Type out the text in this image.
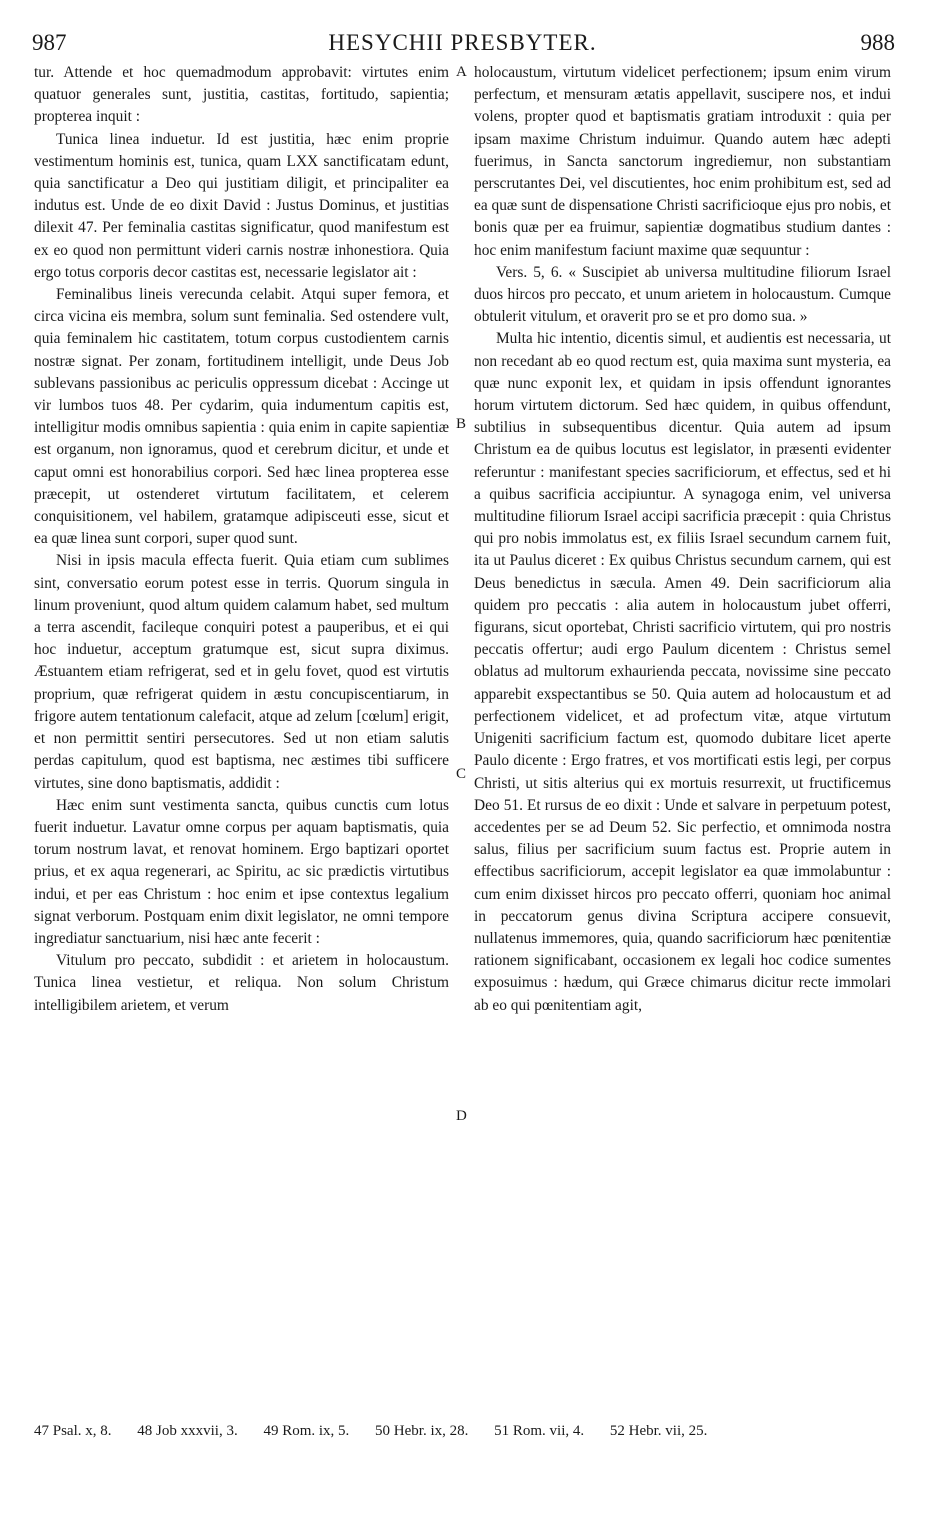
987	HESYCHII PRESBYTER.	988

tur. Attende et hoc quemadmodum approbavit: virtutes enim quatuor generales sunt, justitia, castitas, fortitudo, sapientia; propterea inquit :

Tunica linea induetur. Id est justitia, hæc enim proprie vestimentum hominis est, tunica, quam LXX sanctificatam edunt, quia sanctificatur a Deo qui justitiam diligit, et principaliter ea indutus est. Unde de eo dixit David : Justus Dominus, et justitias dilexit 47. Per feminalia castitas significatur, quod manifestum est ex eo quod non permittunt videri carnis nostræ inhonestiora. Quia ergo totus corporis decor castitas est, necessarie legislator ait :

Feminalibus lineis verecunda celabit. Atqui super femora, et circa vicina eis membra, solum sunt feminalia. Sed ostendere vult, quia feminalem hic castitatem, totum corpus custodientem carnis nostræ signat. Per zonam, fortitudinem intelligit, unde Deus Job sublevans passionibus ac periculis oppressum dicebat : Accinge ut vir lumbos tuos 48. Per cydarim, quia indumentum capitis est, intelligitur modis omnibus sapientia : quia enim in capite sapientiæ est organum, non ignoramus, quod et cerebrum dicitur, et unde et caput omni est honorabilius corpori. Sed hæc linea propterea esse præcepit, ut ostenderet virtutum facilitatem, et celerem conquisitionem, vel habilem, gratamque adipisceuti esse, sicut et ea quæ linea sunt corpori, super quod sunt.

Nisi in ipsis macula effecta fuerit. Quia etiam cum sublimes sint, conversatio eorum potest esse in terris. Quorum singula in linum proveniunt, quod altum quidem calamum habet, sed multum a terra ascendit, facileque conquiri potest a pauperibus, et ei qui hoc induetur, acceptum gratumque est, sicut supra diximus. Æstuantem etiam refrigerat, sed et in gelu fovet, quod est virtutis proprium, quæ refrigerat quidem in æstu concupiscentiarum, in frigore autem tentationum calefacit, atque ad zelum [cœlum] erigit, et non permittit sentiri persecutores. Sed ut non etiam salutis perdas capitulum, quod est baptisma, nec æstimes tibi sufficere virtutes, sine dono baptismatis, addidit :

Hæc enim sunt vestimenta sancta, quibus cunctis cum lotus fuerit induetur. Lavatur omne corpus per aquam baptismatis, quia torum nostrum lavat, et renovat hominem. Ergo baptizari oportet prius, et ex aqua regenerari, ac Spiritu, ac sic prædictis virtutibus indui, et per eas Christum : hoc enim et ipse contextus legalium signat verborum. Postquam enim dixit legislator, ne omni tempore ingrediatur sanctuarium, nisi hæc ante fecerit :

Vitulum pro peccato, subdidit : et arietem in holocaustum. Tunica linea vestietur, et reliqua. Non solum Christum intelligibilem arietem, et verum

A
B
C
D

holocaustum, virtutum videlicet perfectionem; ipsum enim virum perfectum, et mensuram ætatis appellavit, suscipere nos, et indui volens, propter quod et baptismatis gratiam introduxit : quia per ipsam maxime Christum induimur. Quando autem hæc adepti fuerimus, in Sancta sanctorum ingrediemur, non substantiam perscrutantes Dei, vel discutientes, hoc enim prohibitum est, sed ad ea quæ sunt de dispensatione Christi sacrificioque ejus pro nobis, et bonis quæ per ea fruimur, sapientiæ dogmatibus studium dantes : hoc enim manifestum faciunt maxime quæ sequuntur :

Vers. 5, 6. « Suscipiet ab universa multitudine filiorum Israel duos hircos pro peccato, et unum arietem in holocaustum. Cumque obtulerit vitulum, et oraverit pro se et pro domo sua. »

Multa hic intentio, dicentis simul, et audientis est necessaria, ut non recedant ab eo quod rectum est, quia maxima sunt mysteria, ea quæ nunc exponit lex, et quidam in ipsis offendunt ignorantes horum virtutem dictorum. Sed hæc quidem, in quibus offendunt, subtilius in subsequentibus dicentur. Quia autem ad ipsum Christum ea de quibus locutus est legislator, in præsenti evidenter referuntur : manifestant species sacrificiorum, et effectus, sed et hi a quibus sacrificia accipiuntur. A synagoga enim, vel universa multitudine filiorum Israel accipi sacrificia præcepit : quia Christus qui pro nobis immolatus est, ex filiis Israel secundum carnem fuit, ita ut Paulus diceret : Ex quibus Christus secundum carnem, qui est Deus benedictus in sæcula. Amen 49. Dein sacrificiorum alia quidem pro peccatis : alia autem in holocaustum jubet offerri, figurans, sicut oportebat, Christi sacrificio virtutem, qui pro nostris peccatis offertur; audi ergo Paulum dicentem : Christus semel oblatus ad multorum exhaurienda peccata, novissime sine peccato apparebit exspectantibus se 50. Quia autem ad holocaustum et ad perfectionem videlicet, et ad profectum vitæ, atque virtutum Unigeniti sacrificium factum est, quomodo dubitare licet aperte Paulo dicente : Ergo fratres, et vos mortificati estis legi, per corpus Christi, ut sitis alterius qui ex mortuis resurrexit, ut fructificemus Deo 51. Et rursus de eo dixit : Unde et salvare in perpetuum potest, accedentes per se ad Deum 52. Sic perfectio, et omnimoda nostra salus, filius per sacrificium suum factus est. Proprie autem in effectibus sacrificiorum, accepit legislator ea quæ immolabuntur : cum enim dixisset hircos pro peccato offerri, quoniam hoc animal in peccatorum genus divina Scriptura accipere consuevit, nullatenus immemores, quia, quando sacrificiorum hæc pœnitentiæ rationem significabant, occasionem ex legali hoc codice sumentes exposuimus : hædum, qui Græce chimarus dicitur recte immolari ab eo qui pœnitentiam agit,

47 Psal. x, 8. 48 Job xxxvii, 3. 49 Rom. ix, 5. 50 Hebr. ix, 28. 51 Rom. vii, 4. 52 Hebr. vii, 25.
